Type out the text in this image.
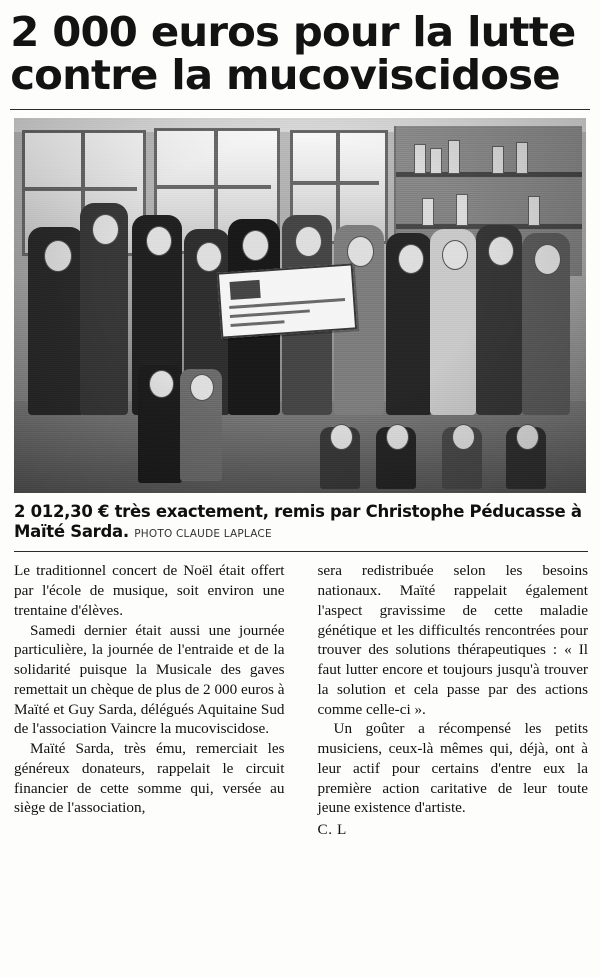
2 000 euros pour la lutte
contre la mucoviscidose
2 012,30 € très exactement, remis par Christophe Péducasse à Maïté Sarda. PHOTO CLAUDE LAPLACE

Le traditionnel concert de Noël était offert par l'école de musique, soit environ une trentaine d'élèves.

Samedi dernier était aussi une journée particulière, la journée de l'entraide et de la solidarité puisque la Musicale des gaves remettait un chèque de plus de 2 000 euros à Maïté et Guy Sarda, délégués Aquitaine Sud de l'association Vaincre la mucoviscidose.

Maïté Sarda, très ému, remerciait les généreux donateurs, rappelait le circuit financier de cette somme qui, versée au siège de l'association,

sera redistribuée selon les besoins nationaux. Maïté rappelait également l'aspect gravissime de cette maladie génétique et les difficultés rencontrées pour trouver des solutions thérapeutiques : « Il faut lutter encore et toujours jusqu'à trouver la solution et cela passe par des actions comme celle-ci ».

Un goûter a récompensé les petits musiciens, ceux-là mêmes qui, déjà, ont à leur actif pour certains d'entre eux la première action caritative de leur toute jeune existence d'artiste.

C. L
